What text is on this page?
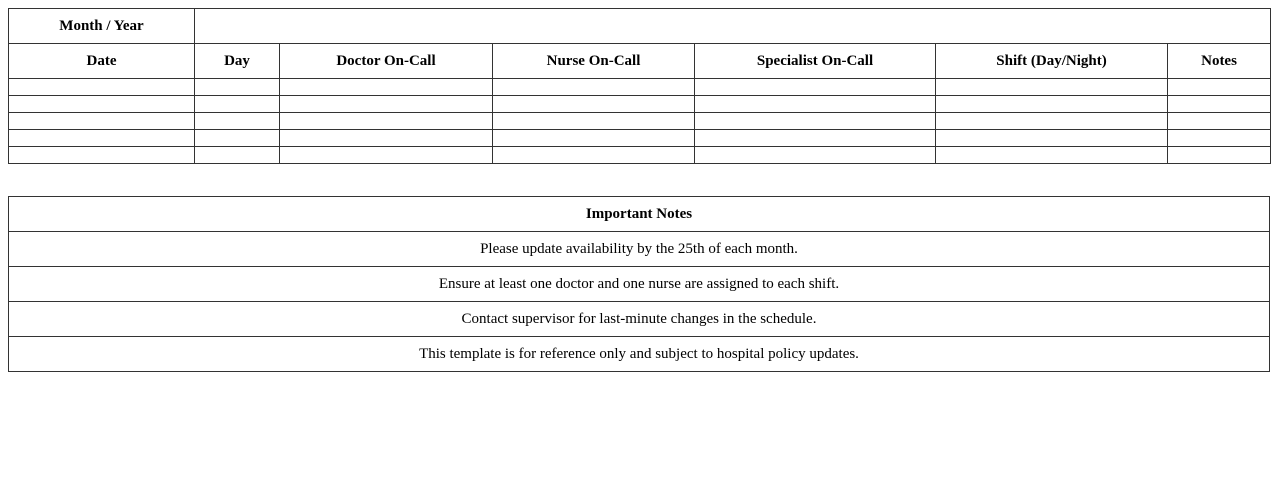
Month / Year						
Date	Day	Doctor On-Call	Nurse On-Call	Specialist On-Call	Shift (Day/Night)	Notes

Important Notes
Please update availability by the 25th of each month.
Ensure at least one doctor and one nurse are assigned to each shift.
Contact supervisor for last-minute changes in the schedule.
This template is for reference only and subject to hospital policy updates.
